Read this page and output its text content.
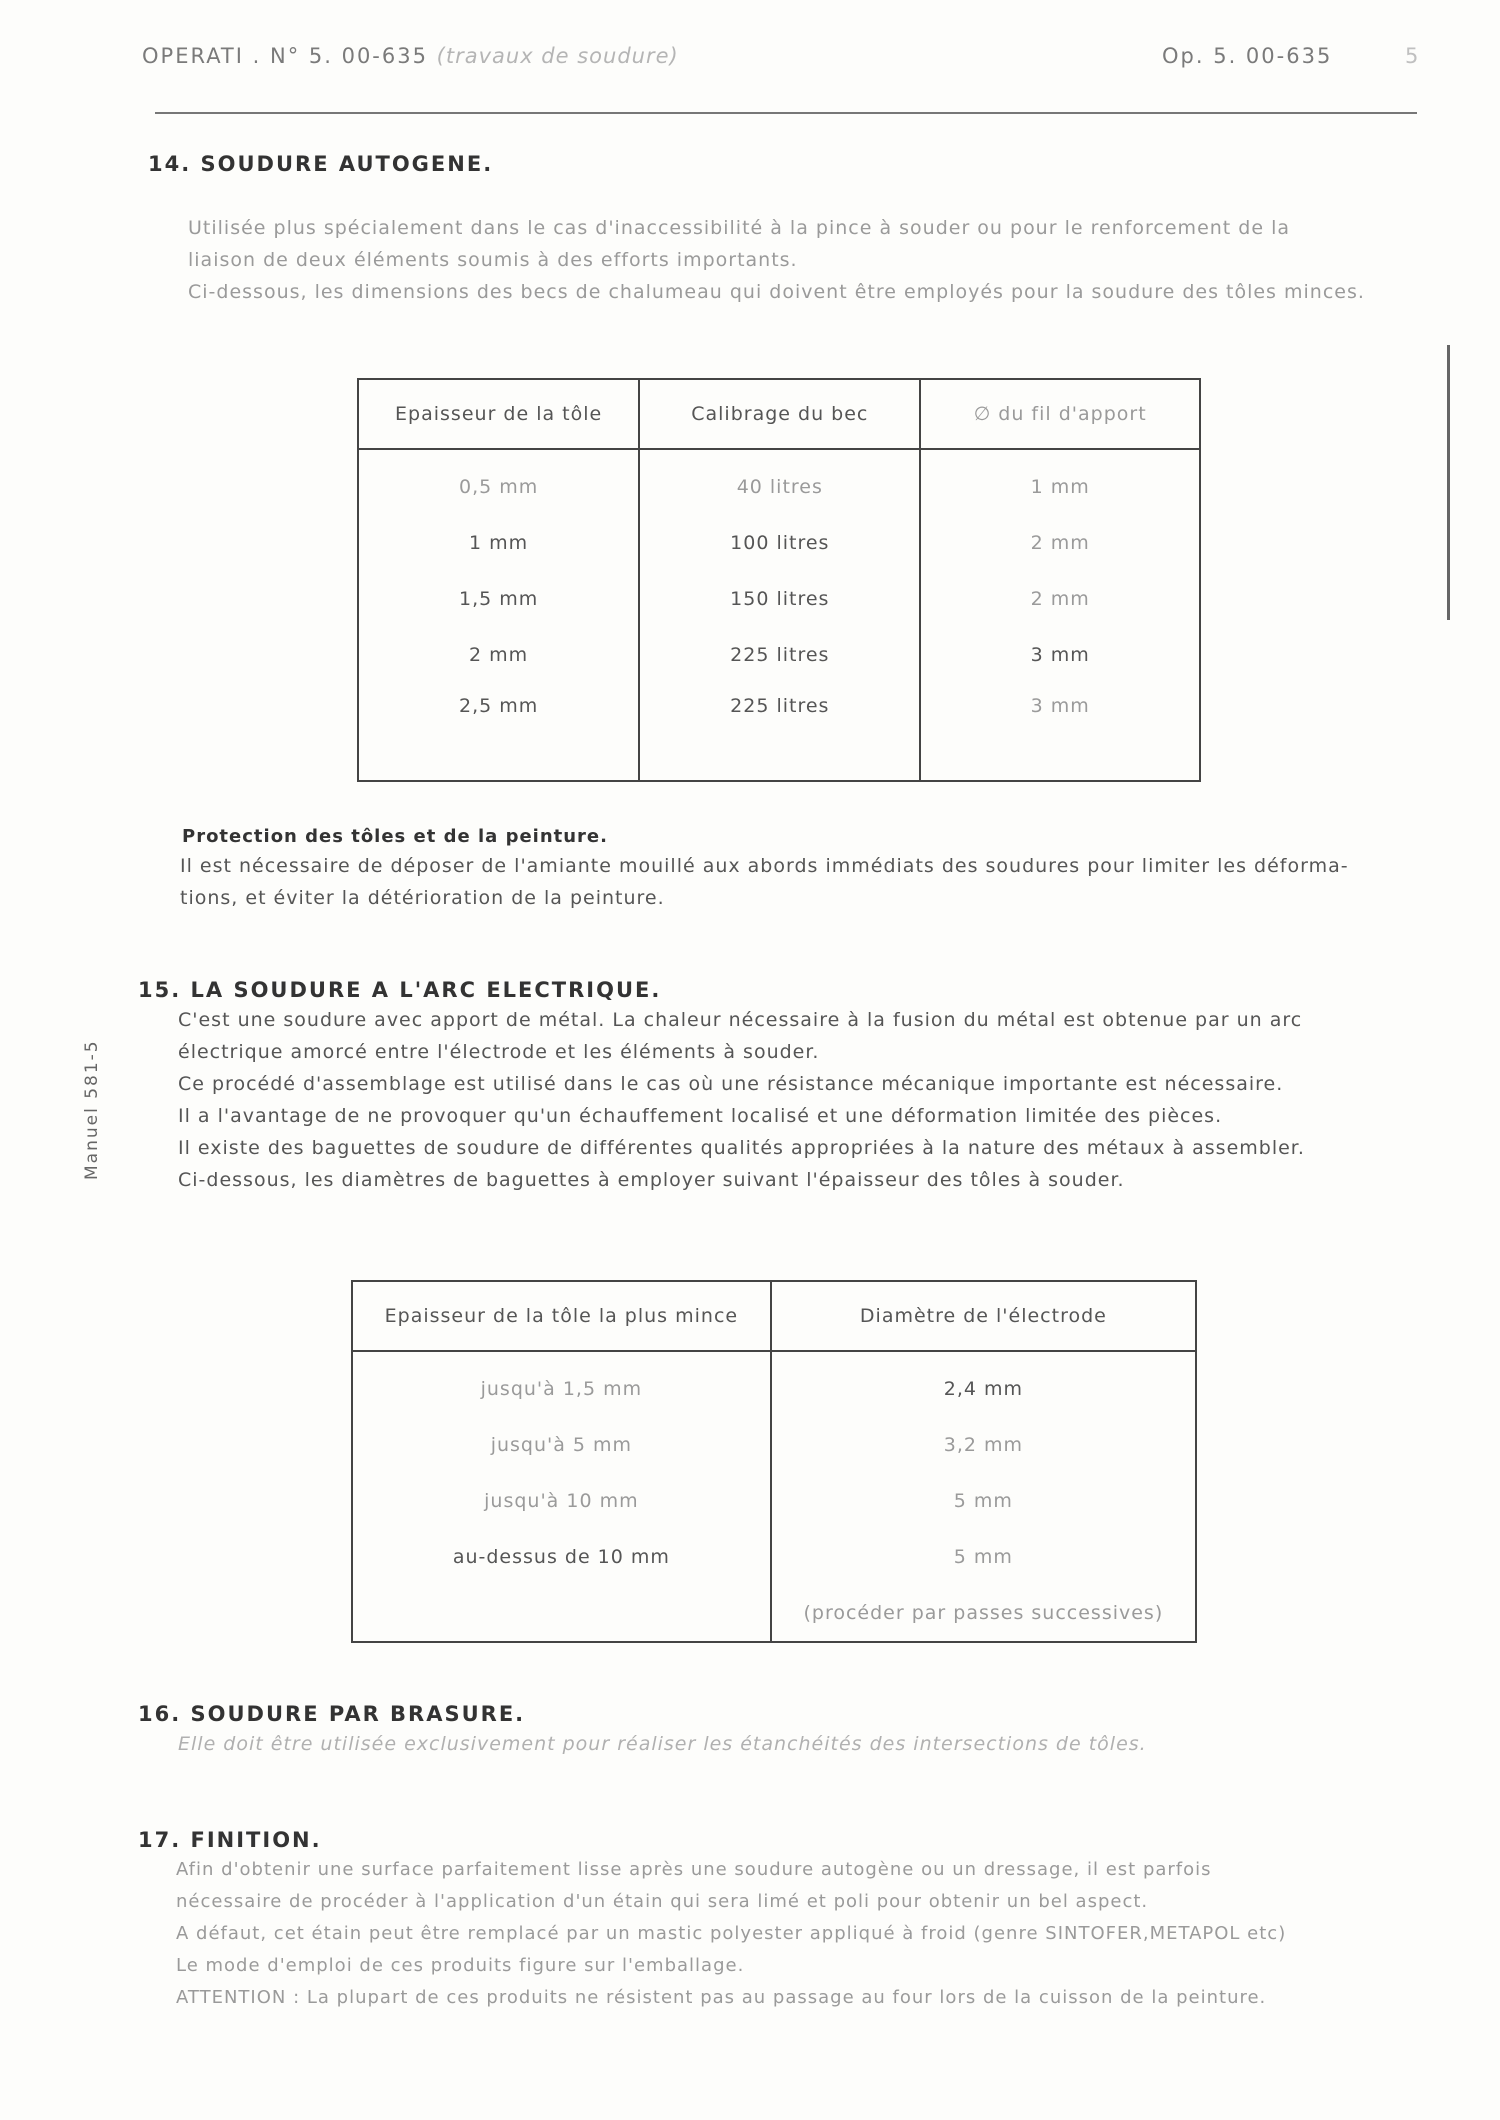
OPERATI . N° 5. 00-635 (travaux de soudure)	Op. 5. 00-635	5
Manuel 581-5
14. SOUDURE AUTOGENE.
Utilisée plus spécialement dans le cas d'inaccessibilité à la pince à souder ou pour le renforcement de la
liaison de deux éléments soumis à des efforts importants.
Ci-dessous, les dimensions des becs de chalumeau qui doivent être employés pour la soudure des tôles minces.
Epaisseur de la tôle	Calibrage du bec	∅ du fil d'apport
0,5 mm	40 litres	1 mm
1 mm	100 litres	2 mm
1,5 mm	150 litres	2 mm
2 mm	225 litres	3 mm
2,5 mm	225 litres	3 mm
Protection des tôles et de la peinture.
Il est nécessaire de déposer de l'amiante mouillé aux abords immédiats des soudures pour limiter les déforma-
tions, et éviter la détérioration de la peinture.
15. LA SOUDURE A L'ARC ELECTRIQUE.
C'est une soudure avec apport de métal. La chaleur nécessaire à la fusion du métal est obtenue par un arc
électrique amorcé entre l'électrode et les éléments à souder.
Ce procédé d'assemblage est utilisé dans le cas où une résistance mécanique importante est nécessaire.
Il a l'avantage de ne provoquer qu'un échauffement localisé et une déformation limitée des pièces.
Il existe des baguettes de soudure de différentes qualités appropriées à la nature des métaux à assembler.
Ci-dessous, les diamètres de baguettes à employer suivant l'épaisseur des tôles à souder.
Epaisseur de la tôle la plus mince	Diamètre de l'électrode
jusqu'à 1,5 mm	2,4 mm
jusqu'à 5 mm	3,2 mm
jusqu'à 10 mm	5 mm
au-dessus de 10 mm	5 mm
	(procéder par passes successives)
16. SOUDURE PAR BRASURE.
Elle doit être utilisée exclusivement pour réaliser les étanchéités des intersections de tôles.
17. FINITION.
Afin d'obtenir une surface parfaitement lisse après une soudure autogène ou un dressage, il est parfois
nécessaire de procéder à l'application d'un étain qui sera limé et poli pour obtenir un bel aspect.
A défaut, cet étain peut être remplacé par un mastic polyester appliqué à froid (genre SINTOFER,METAPOL etc)
Le mode d'emploi de ces produits figure sur l'emballage.
ATTENTION : La plupart de ces produits ne résistent pas au passage au four lors de la cuisson de la peinture.
